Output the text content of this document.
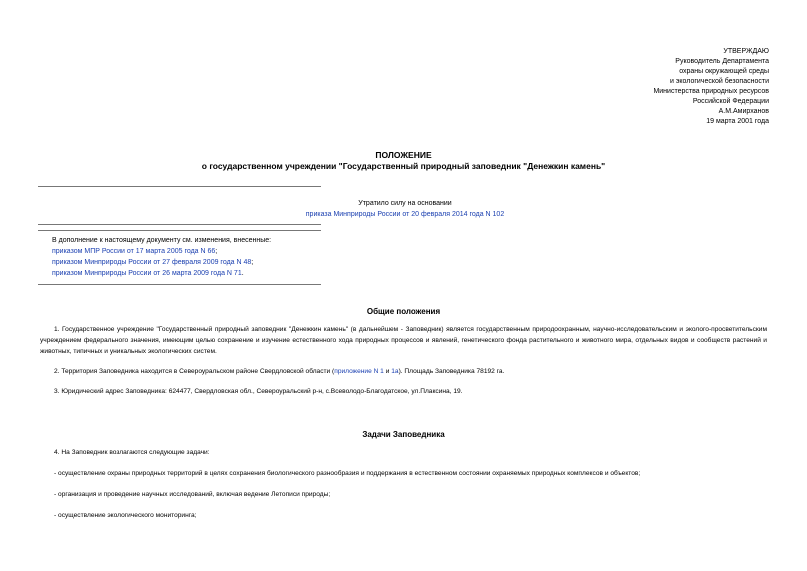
УТВЕРЖДАЮ
Руководитель Департамента
охраны окружающей среды
и экологической безопасности
Министерства природных ресурсов
Российской Федерации
А.М.Амирханов
19 марта 2001 года
ПОЛОЖЕНИЕ
о государственном учреждении "Государственный природный заповедник "Денежкин камень"
Утратило силу на основании
приказа Минприроды России от 20 февраля 2014 года N 102
В дополнение к настоящему документу см. изменения, внесенные:
приказом МПР России от 17 марта 2005 года N 66;
приказом Минприроды России от 27 февраля 2009 года N 48;
приказом Минприроды России от 26 марта 2009 года N 71.
Общие положения
1. Государственное учреждение "Государственный природный заповедник "Денежкин камень" (в дальнейшем - Заповедник) является государственным природоохранным, научно-исследовательским и эколого-просветительским учреждением федерального значения, имеющим целью сохранение и изучение естественного хода природных процессов и явлений, генетического фонда растительного и животного мира, отдельных видов и сообществ растений и животных, типичных и уникальных экологических систем.
2. Территория Заповедника находится в Североуральском районе Свердловской области (приложение N 1 и 1а). Площадь Заповедника 78192 га.
3. Юридический адрес Заповедника: 624477, Свердловская обл., Североуральский р-н, с.Всеволодо-Благодатское, ул.Плаксина, 19.
Задачи Заповедника
4. На Заповедник возлагаются следующие задачи:
- осуществление охраны природных территорий в целях сохранения биологического разнообразия и поддержания в естественном состоянии охраняемых природных комплексов и объектов;
- организация и проведение научных исследований, включая ведение Летописи природы;
- осуществление экологического мониторинга;
